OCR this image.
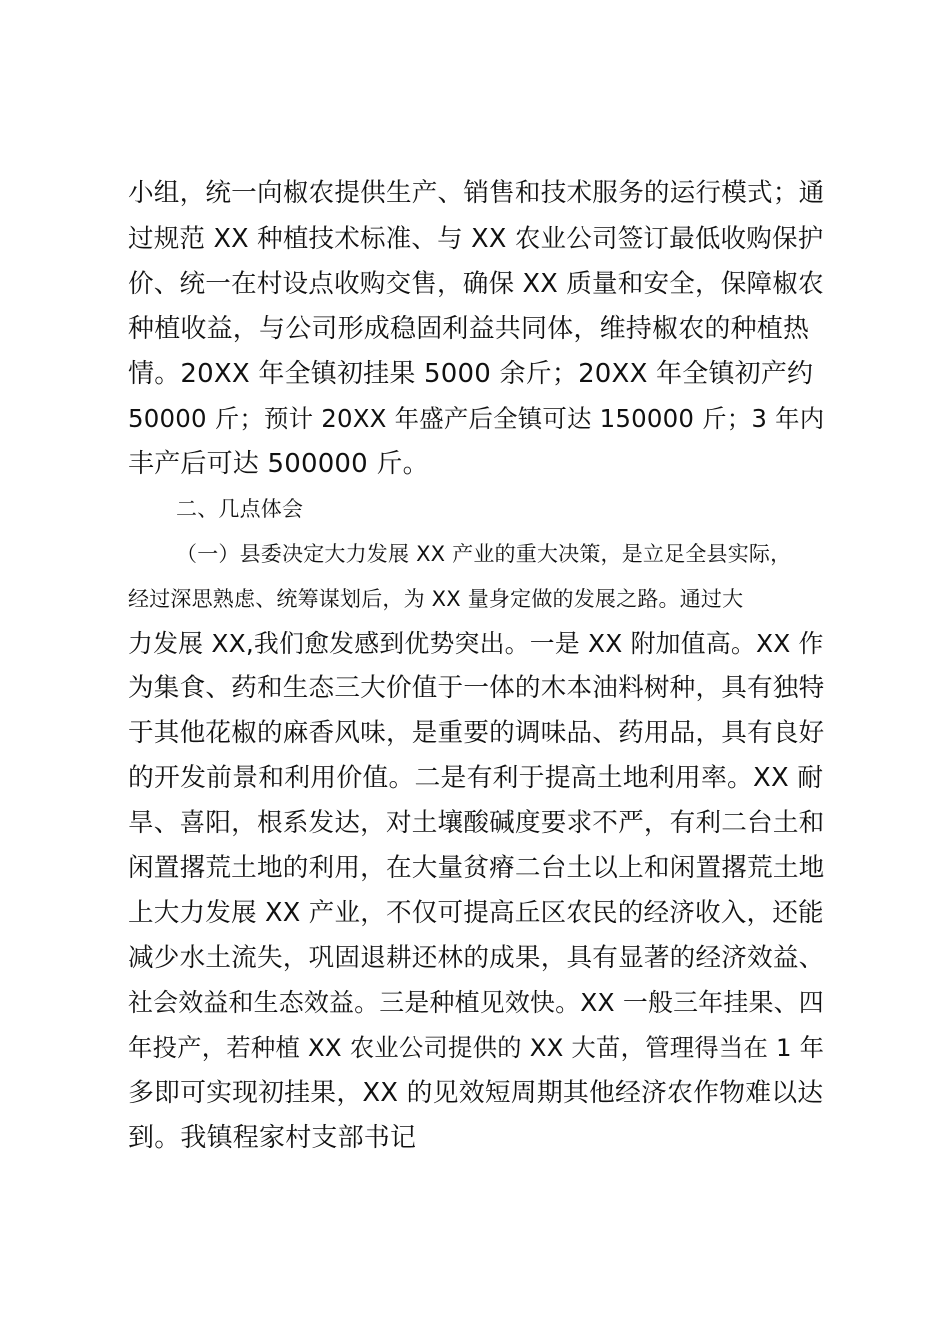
小组，统一向椒农提供生产、销售和技术服务的运行模式；通
过规范 XX 种植技术标准、与 XX 农业公司签订最低收购保护
价、统一在村设点收购交售，确保 XX 质量和安全，保障椒农
种植收益，与公司形成稳固利益共同体，维持椒农的种植热
情。20XX 年全镇初挂果 5000 余斤；20XX 年全镇初产约
50000 斤；预计 20XX 年盛产后全镇可达 150000 斤；3 年内
丰产后可达 500000 斤。
二、几点体会
（一）县委决定大力发展 XX 产业的重大决策，是立足全县实际，
经过深思熟虑、统筹谋划后，为 XX 量身定做的发展之路。通过大
力发展 XX,我们愈发感到优势突出。一是 XX 附加值高。XX 作
为集食、药和生态三大价值于一体的木本油料树种，具有独特
于其他花椒的麻香风味，是重要的调味品、药用品，具有良好
的开发前景和利用价值。二是有利于提高土地利用率。XX 耐
旱、喜阳，根系发达，对土壤酸碱度要求不严，有利二台土和
闲置撂荒土地的利用，在大量贫瘠二台土以上和闲置撂荒土地
上大力发展 XX 产业，不仅可提高丘区农民的经济收入，还能
减少水土流失，巩固退耕还林的成果，具有显著的经济效益、
社会效益和生态效益。三是种植见效快。XX 一般三年挂果、四
年投产，若种植 XX 农业公司提供的 XX 大苗，管理得当在 1 年
多即可实现初挂果，XX 的见效短周期其他经济农作物难以达
到。我镇程家村支部书记
